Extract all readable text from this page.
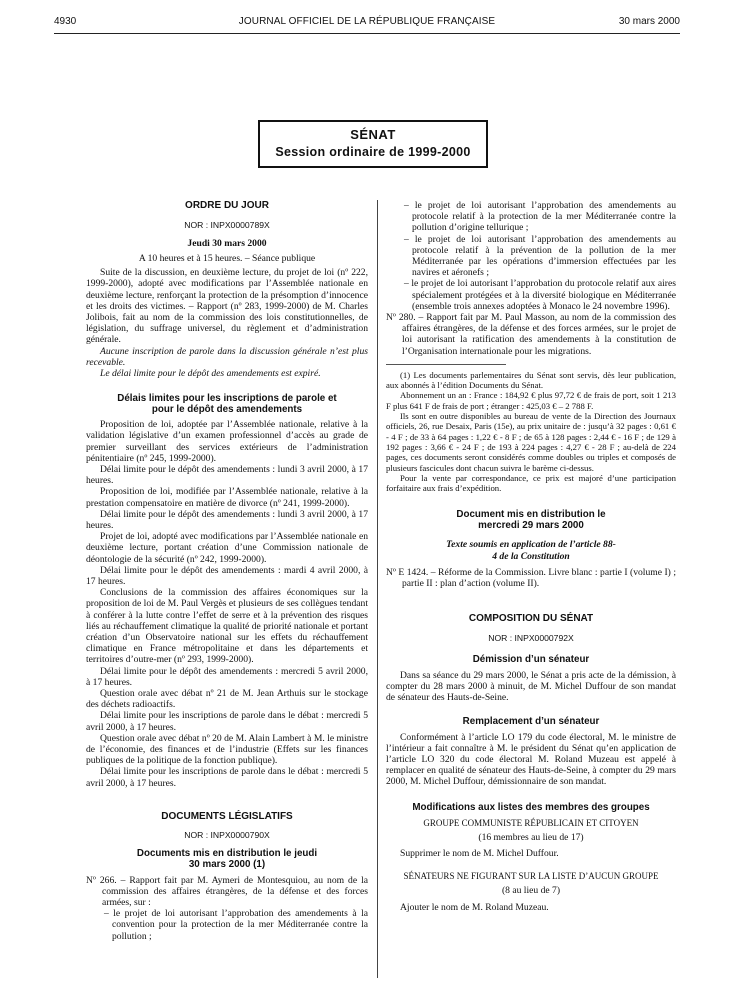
4930	JOURNAL OFFICIEL DE LA RÉPUBLIQUE FRANÇAISE	30 mars 2000
SÉNAT
Session ordinaire de 1999-2000
ORDRE DU JOUR
NOR : INPX0000789X
Jeudi 30 mars 2000
A 10 heures et à 15 heures. – Séance publique

Suite de la discussion, en deuxième lecture, du projet de loi (nº 222, 1999-2000), adopté avec modifications par l’Assemblée nationale en deuxième lecture, renforçant la protection de la présomption d’innocence et les droits des victimes. – Rapport (nº 283, 1999-2000) de M. Charles Jolibois, fait au nom de la commission des lois constitutionnelles, de législation, du suffrage universel, du règlement et d’administration générale.

Aucune inscription de parole dans la discussion générale n’est plus recevable.

Le délai limite pour le dépôt des amendements est expiré.

Délais limites pour les inscriptions de parole et pour le dépôt des amendements

Proposition de loi, adoptée par l’Assemblée nationale, relative à la validation législative d’un examen professionnel d’accès au grade de premier surveillant des services extérieurs de l’administration pénitentiaire (nº 245, 1999-2000).

Délai limite pour le dépôt des amendements : lundi 3 avril 2000, à 17 heures.

Proposition de loi, modifiée par l’Assemblée nationale, relative à la prestation compensatoire en matière de divorce (nº 241, 1999-2000).

Délai limite pour le dépôt des amendements : lundi 3 avril 2000, à 17 heures.

Projet de loi, adopté avec modifications par l’Assemblée nationale en deuxième lecture, portant création d’une Commission nationale de déontologie de la sécurité (nº 242, 1999-2000).

Délai limite pour le dépôt des amendements : mardi 4 avril 2000, à 17 heures.

Conclusions de la commission des affaires économiques sur la proposition de loi de M. Paul Vergès et plusieurs de ses collègues tendant à conférer à la lutte contre l’effet de serre et à la prévention des risques liés au réchauffement climatique la qualité de priorité nationale et portant création d’un Observatoire national sur les effets du réchauffement climatique en France métropolitaine et dans les départements et territoires d’outre-mer (nº 293, 1999-2000).

Délai limite pour le dépôt des amendements : mercredi 5 avril 2000, à 17 heures.

Question orale avec débat nº 21 de M. Jean Arthuis sur le stockage des déchets radioactifs.

Délai limite pour les inscriptions de parole dans le débat : mercredi 5 avril 2000, à 17 heures.

Question orale avec débat nº 20 de M. Alain Lambert à M. le ministre de l’économie, des finances et de l’industrie (Effets sur les finances publiques de la politique de la fonction publique).

Délai limite pour les inscriptions de parole dans le débat : mercredi 5 avril 2000, à 17 heures.

DOCUMENTS LÉGISLATIFS
NOR : INPX0000790X
Documents mis en distribution le jeudi 30 mars 2000 (1)

Nº 266. – Rapport fait par M. Aymeri de Montesquiou, au nom de la commission des affaires étrangères, de la défense et des forces armées, sur :

– le projet de loi autorisant l’approbation des amendements à la convention pour la protection de la mer Méditerranée contre la pollution ;

– le projet de loi autorisant l’approbation des amendements au protocole relatif à la protection de la mer Méditerranée contre la pollution d’origine tellurique ;

– le projet de loi autorisant l’approbation des amendements au protocole relatif à la prévention de la pollution de la mer Méditerranée par les opérations d’immersion effectuées par les navires et aéronefs ;

– le projet de loi autorisant l’approbation du protocole relatif aux aires spécialement protégées et à la diversité biologique en Méditerranée (ensemble trois annexes adoptées à Monaco le 24 novembre 1996).

Nº 280. – Rapport fait par M. Paul Masson, au nom de la commission des affaires étrangères, de la défense et des forces armées, sur le projet de loi autorisant la ratification des amendements à la constitution de l’Organisation internationale pour les migrations.

(1) Les documents parlementaires du Sénat sont servis, dès leur publication, aux abonnés à l’édition Documents du Sénat.

Abonnement un an : France : 184,92 € plus 97,72 € de frais de port, soit 1 213 F plus 641 F de frais de port ; étranger : 425,03 € – 2 788 F.

Ils sont en outre disponibles au bureau de vente de la Direction des Journaux officiels, 26, rue Desaix, Paris (15e), au prix unitaire de : jusqu’à 32 pages : 0,61 € - 4 F ; de 33 à 64 pages : 1,22 € - 8 F ; de 65 à 128 pages : 2,44 € - 16 F ; de 129 à 192 pages : 3,66 € - 24 F ; de 193 à 224 pages : 4,27 € - 28 F ; au-delà de 224 pages, ces documents seront considérés comme doubles ou triples et composés de plusieurs fascicules dont chacun suivra le barème ci-dessus.

Pour la vente par correspondance, ce prix est majoré d’une participation forfaitaire aux frais d’expédition.

Document mis en distribution le mercredi 29 mars 2000
Texte soumis en application de l’article 88-4 de la Constitution

Nº E 1424. – Réforme de la Commission. Livre blanc : partie I (volume I) ; partie II : plan d’action (volume II).

COMPOSITION DU SÉNAT
NOR : INPX0000792X
Démission d’un sénateur

Dans sa séance du 29 mars 2000, le Sénat a pris acte de la démission, à compter du 28 mars 2000 à minuit, de M. Michel Duffour de son mandat de sénateur des Hauts-de-Seine.

Remplacement d’un sénateur

Conformément à l’article LO 179 du code électoral, M. le ministre de l’intérieur a fait connaître à M. le président du Sénat qu’en application de l’article LO 320 du code électoral M. Roland Muzeau est appelé à remplacer en qualité de sénateur des Hauts-de-Seine, à compter du 29 mars 2000, M. Michel Duffour, démissionnaire de son mandat.

Modifications aux listes des membres des groupes
GROUPE COMMUNISTE RÉPUBLICAIN ET CITOYEN
(16 membres au lieu de 17)

Supprimer le nom de M. Michel Duffour.

SÉNATEURS NE FIGURANT SUR LA LISTE D’AUCUN GROUPE
(8 au lieu de 7)

Ajouter le nom de M. Roland Muzeau.
